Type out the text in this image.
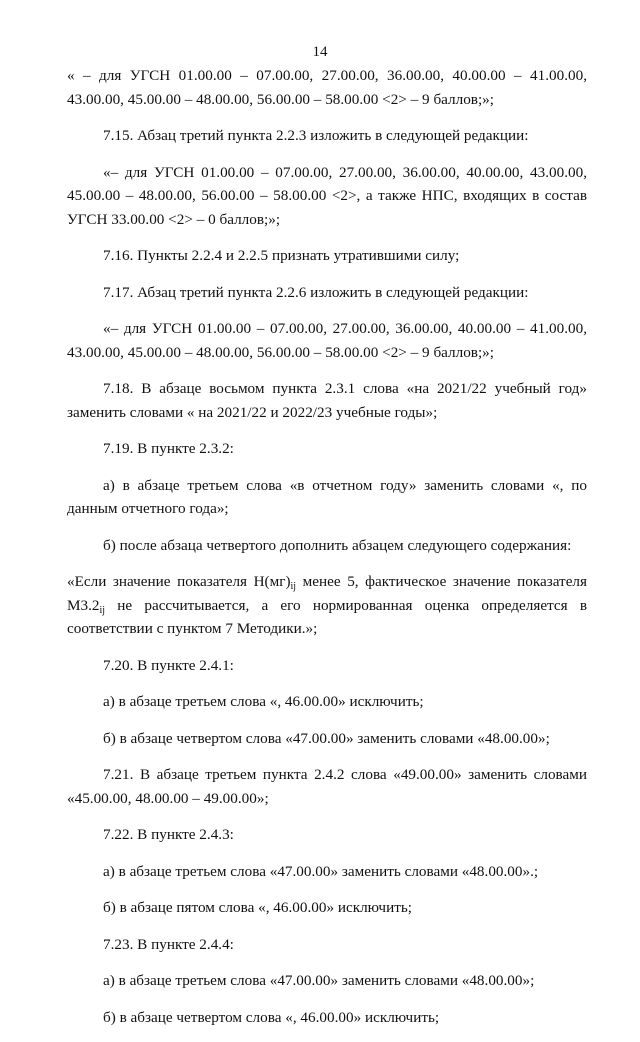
14

« – для УГСН 01.00.00 – 07.00.00, 27.00.00, 36.00.00, 40.00.00 – 41.00.00, 43.00.00, 45.00.00 – 48.00.00, 56.00.00 – 58.00.00 <2> – 9 баллов;»;

7.15. Абзац третий пункта 2.2.3 изложить в следующей редакции:

«– для УГСН 01.00.00 – 07.00.00, 27.00.00, 36.00.00, 40.00.00, 43.00.00, 45.00.00 – 48.00.00, 56.00.00 – 58.00.00 <2>, а также НПС, входящих в состав УГСН 33.00.00 <2> – 0 баллов;»;

7.16. Пункты 2.2.4 и 2.2.5 признать утратившими силу;

7.17. Абзац третий пункта 2.2.6 изложить в следующей редакции:

«– для УГСН 01.00.00 – 07.00.00, 27.00.00, 36.00.00, 40.00.00 – 41.00.00, 43.00.00, 45.00.00 – 48.00.00, 56.00.00 – 58.00.00 <2> – 9 баллов;»;

7.18. В абзаце восьмом пункта 2.3.1 слова «на 2021/22 учебный год» заменить словами « на 2021/22 и 2022/23 учебные годы»;

7.19. В пункте 2.3.2:

а) в абзаце третьем слова «в отчетном году» заменить словами «, по данным отчетного года»;

б) после абзаца четвертого дополнить абзацем следующего содержания:

«Если значение показателя $Н(мг)_{ij}$ менее 5, фактическое значение показателя $М3.2_{ij}$ не рассчитывается, а его нормированная оценка определяется в соответствии с пунктом 7 Методики.»;

7.20. В пункте 2.4.1:

а) в абзаце третьем слова «, 46.00.00» исключить;

б) в абзаце четвертом слова «47.00.00» заменить словами «48.00.00»;

7.21. В абзаце третьем пункта 2.4.2 слова «49.00.00» заменить словами «45.00.00, 48.00.00 – 49.00.00»;

7.22. В пункте 2.4.3:

а) в абзаце третьем слова «47.00.00» заменить словами «48.00.00».;

б) в абзаце пятом слова «, 46.00.00» исключить;

7.23. В пункте 2.4.4:

а) в абзаце третьем слова «47.00.00» заменить словами «48.00.00»;

б) в абзаце четвертом слова «, 46.00.00» исключить;
